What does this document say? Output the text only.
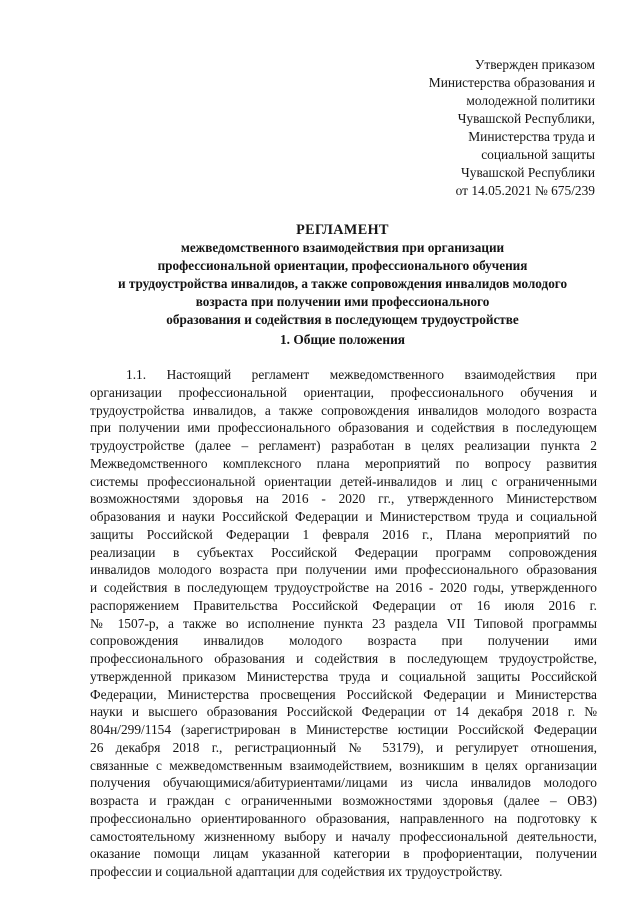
Утвержден приказом
Министерства образования и
молодежной политики
Чувашской Республики,
Министерства труда и
социальной защиты
Чувашской Республики
от 14.05.2021 № 675/239
РЕГЛАМЕНТ
межведомственного взаимодействия при организации
профессиональной ориентации, профессионального обучения
и трудоустройства инвалидов, а также сопровождения инвалидов молодого
возраста при получении ими профессионального
образования и содействия в последующем трудоустройстве
1. Общие положения
1.1. Настоящий регламент межведомственного взаимодействия при
организации профессиональной ориентации, профессионального обучения и
трудоустройства инвалидов, а также сопровождения инвалидов молодого возраста
при получении ими профессионального образования и содействия в последующем
трудоустройстве (далее – регламент) разработан в целях реализации пункта 2
Межведомственного комплексного плана мероприятий по вопросу развития
системы профессиональной ориентации детей-инвалидов и лиц с ограниченными
возможностями здоровья на 2016 - 2020 гг., утвержденного Министерством
образования и науки Российской Федерации и Министерством труда и социальной
защиты Российской Федерации 1 февраля 2016 г., Плана мероприятий по
реализации в субъектах Российской Федерации программ сопровождения
инвалидов молодого возраста при получении ими профессионального образования
и содействия в последующем трудоустройстве на 2016 - 2020 годы, утвержденного
распоряжением Правительства Российской Федерации от 16 июля 2016 г.
№ 1507-р, а также во исполнение пункта 23 раздела VII Типовой программы
сопровождения инвалидов молодого возраста при получении ими
профессионального образования и содействия в последующем трудоустройстве,
утвержденной приказом Министерства труда и социальной защиты Российской
Федерации, Министерства просвещения Российской Федерации и Министерства
науки и высшего образования Российской Федерации от 14 декабря 2018 г. №
804н/299/1154 (зарегистрирован в Министерстве юстиции Российской Федерации
26 декабря 2018 г., регистрационный № 53179), и регулирует отношения,
связанные с межведомственным взаимодействием, возникшим в целях организации
получения обучающимися/абитуриентами/лицами из числа инвалидов молодого
возраста и граждан с ограниченными возможностями здоровья (далее – ОВЗ)
профессионально ориентированного образования, направленного на подготовку к
самостоятельному жизненному выбору и началу профессиональной деятельности,
оказание помощи лицам указанной категории в профориентации, получении
профессии и социальной адаптации для содействия их трудоустройству.
